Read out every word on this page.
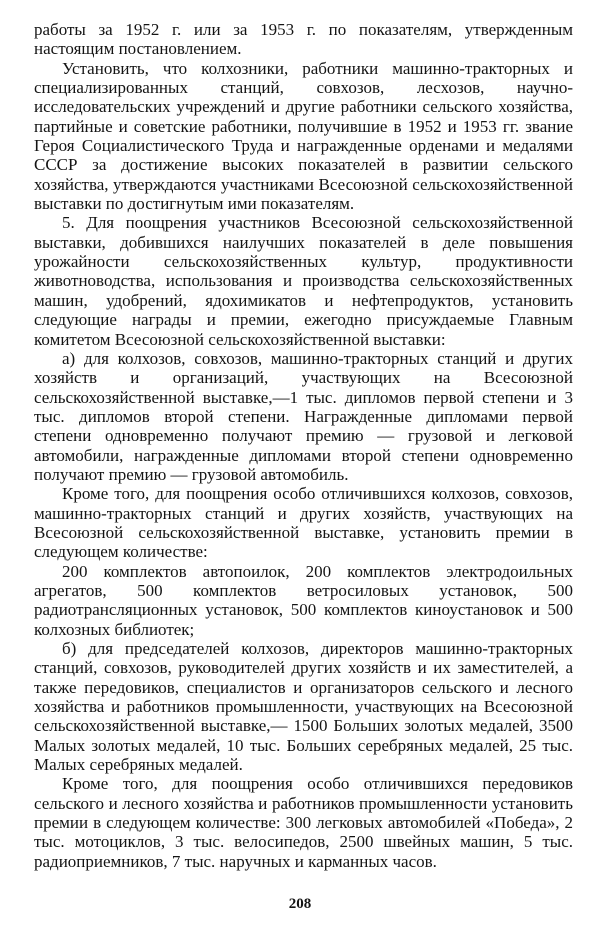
работы за 1952 г. или за 1953 г. по показателям, утвержденным настоящим постановлением.

Установить, что колхозники, работники машинно-тракторных и специализированных станций, совхозов, лесхозов, научно-исследовательских учреждений и другие работники сельского хозяйства, партийные и советские работники, получившие в 1952 и 1953 гг. звание Героя Социалистического Труда и награжденные орденами и медалями СССР за достижение высоких показателей в развитии сельского хозяйства, утверждаются участниками Всесоюзной сельскохозяйственной выставки по достигнутым ими показателям.

5. Для поощрения участников Всесоюзной сельскохозяйственной выставки, добившихся наилучших показателей в деле повышения урожайности сельскохозяйственных культур, продуктивности животноводства, использования и производства сельскохозяйственных машин, удобрений, ядохимикатов и нефтепродуктов, установить следующие награды и премии, ежегодно присуждаемые Главным комитетом Всесоюзной сельскохозяйственной выставки:

а) для колхозов, совхозов, машинно-тракторных станций и других хозяйств и организаций, участвующих на Всесоюзной сельскохозяйственной выставке,—1 тыс. дипломов первой степени и 3 тыс. дипломов второй степени. Награжденные дипломами первой степени одновременно получают премию — грузовой и легковой автомобили, награжденные дипломами второй степени одновременно получают премию — грузовой автомобиль.

Кроме того, для поощрения особо отличившихся колхозов, совхозов, машинно-тракторных станций и других хозяйств, участвующих на Всесоюзной сельскохозяйственной выставке, установить премии в следующем количестве:

200 комплектов автопоилок, 200 комплектов электродоильных агрегатов, 500 комплектов ветросиловых установок, 500 радиотрансляционных установок, 500 комплектов киноустановок и 500 колхозных библиотек;

б) для председателей колхозов, директоров машинно-тракторных станций, совхозов, руководителей других хозяйств и их заместителей, а также передовиков, специалистов и организаторов сельского и лесного хозяйства и работников промышленности, участвующих на Всесоюзной сельскохозяйственной выставке,— 1500 Больших золотых медалей, 3500 Малых золотых медалей, 10 тыс. Больших серебряных медалей, 25 тыс. Малых серебряных медалей.

Кроме того, для поощрения особо отличившихся передовиков сельского и лесного хозяйства и работников промышленности установить премии в следующем количестве: 300 легковых автомобилей «Победа», 2 тыс. мотоциклов, 3 тыс. велосипедов, 2500 швейных машин, 5 тыс. радиоприемников, 7 тыс. наручных и карманных часов.

208
